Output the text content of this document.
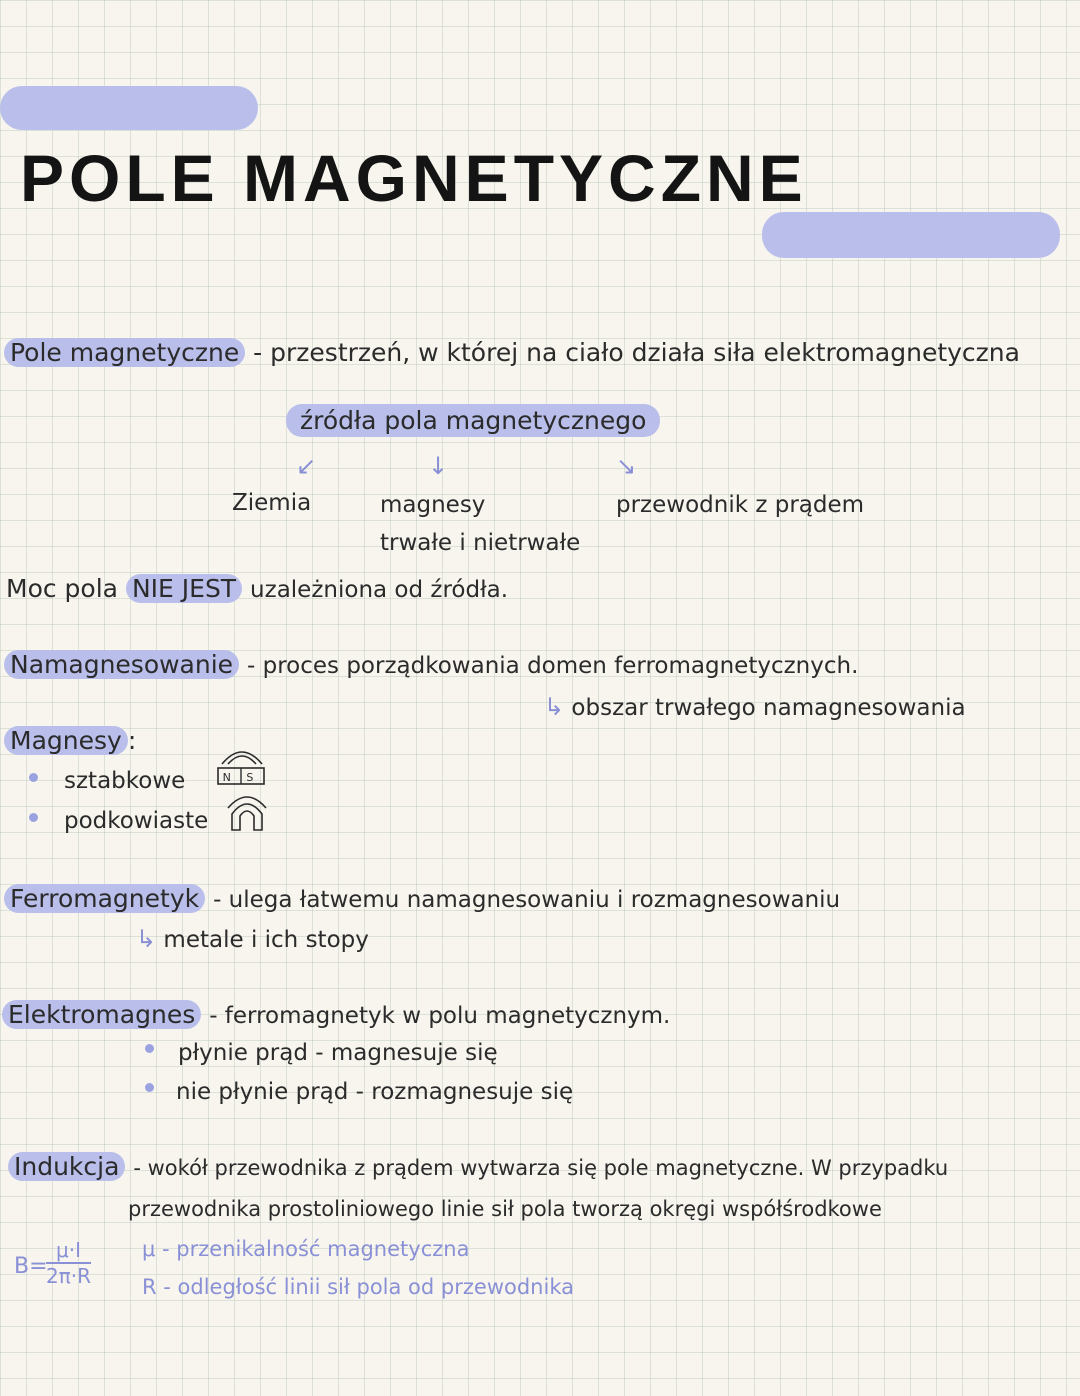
POLE MAGNETYCZNE
Pole magnetyczne - przestrzeń, w której na ciało działa siła elektromagnetyczna
źródła pola magnetycznego
↙	↓	↘
Ziemia	magnesy
trwałe i nietrwałe
przewodnik z prądem
Moc pola NIE JEST uzależniona od źródła.
Namagnesowanie - proces porządkowania domen ferromagnetycznych.
↳ obszar trwałego namagnesowania
Magnesy :
sztabkowe
podkowiaste
N S
Ferromagnetyk - ulega łatwemu namagnesowaniu i rozmagnesowaniu
↳ metale i ich stopy
Elektromagnes - ferromagnetyk w polu magnetycznym.
płynie prąd - magnesuje się
nie płynie prąd - rozmagnesuje się
Indukcja - wokół przewodnika z prądem wytwarza się pole magnetyczne. W przypadku
przewodnika prostoliniowego linie sił pola tworzą okręgi współśrodkowe
B=
$\frac{\mu\cdot I}{2\pi\cdot R}$ μ - przenikalność magnetyczna
R - odległość linii sił pola od przewodnika
